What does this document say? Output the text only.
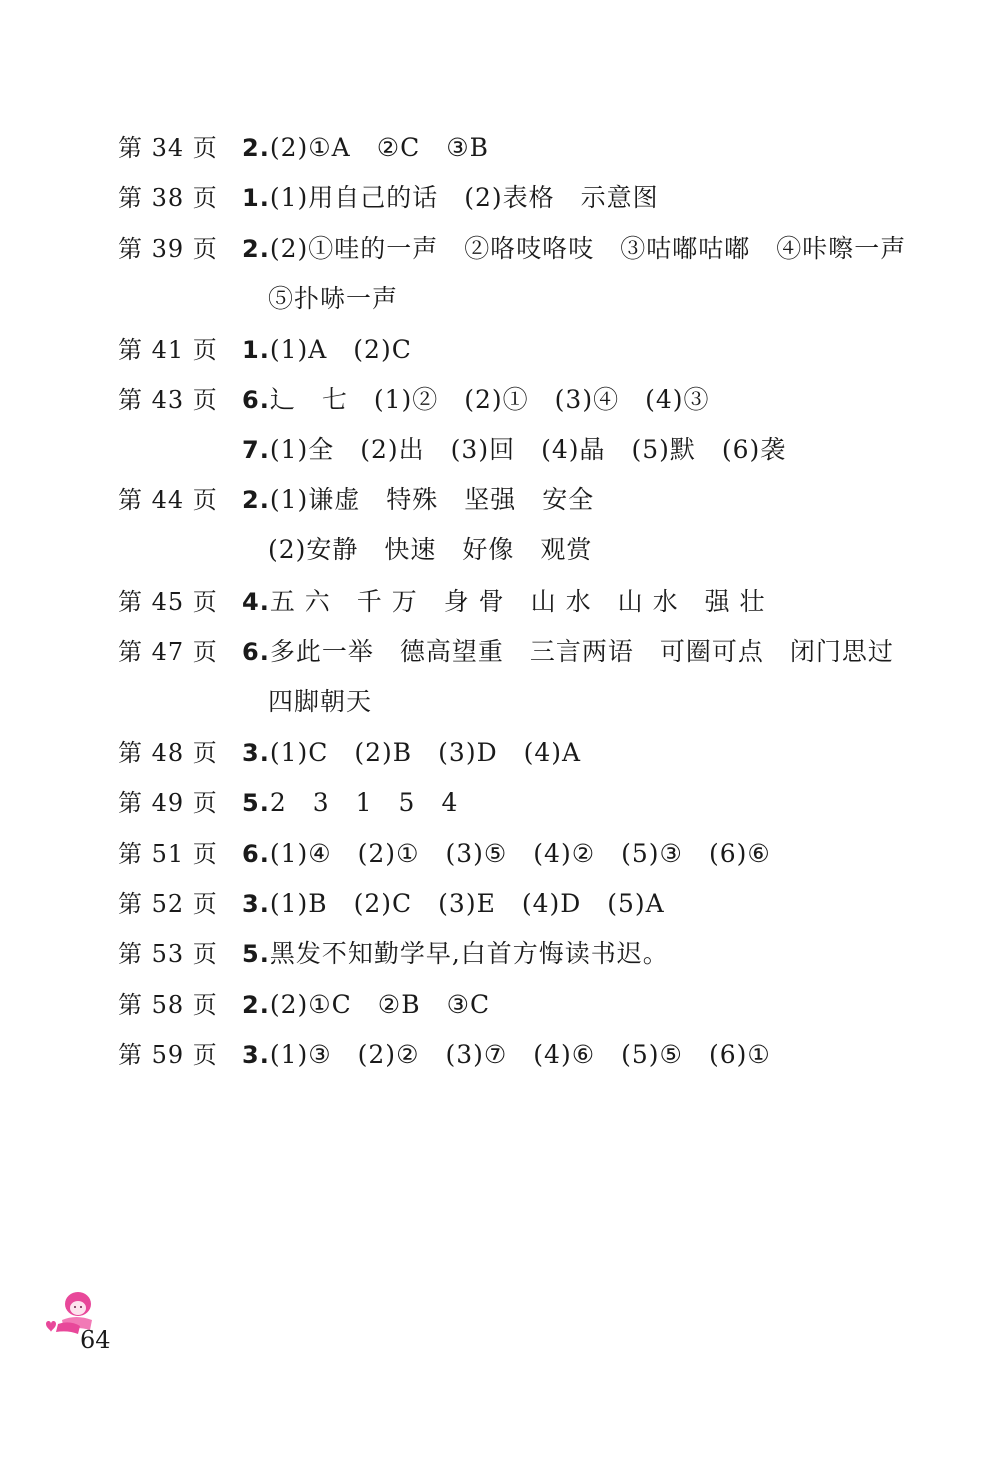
第 34 页	2.(2)①A　②C　③B
第 38 页	1.(1)用自己的话　(2)表格　示意图
第 39 页	2.(2)①哇的一声　②咯吱咯吱　③咕嘟咕嘟　④咔嚓一声
⑤扑哧一声
第 41 页	1.(1)A　(2)C
第 43 页	6.辶　七　(1)②　(2)①　(3)④　(4)③
7.(1)全　(2)出　(3)回　(4)晶　(5)默　(6)袭
第 44 页	2.(1)谦虚　特殊　坚强　安全
(2)安静　快速　好像　观赏
第 45 页	4.五 六　千 万　身 骨　山 水　山 水　强 壮
第 47 页	6.多此一举　德高望重　三言两语　可圈可点　闭门思过
四脚朝天
第 48 页	3.(1)C　(2)B　(3)D　(4)A
第 49 页	5.2　3　1　5　4
第 51 页	6.(1)④　(2)①　(3)⑤　(4)②　(5)③　(6)⑥
第 52 页	3.(1)B　(2)C　(3)E　(4)D　(5)A
第 53 页	5.黑发不知勤学早,白首方悔读书迟。
第 58 页	2.(2)①C　②B　③C
第 59 页	3.(1)③　(2)②　(3)⑦　(4)⑥　(5)⑤　(6)①
64
